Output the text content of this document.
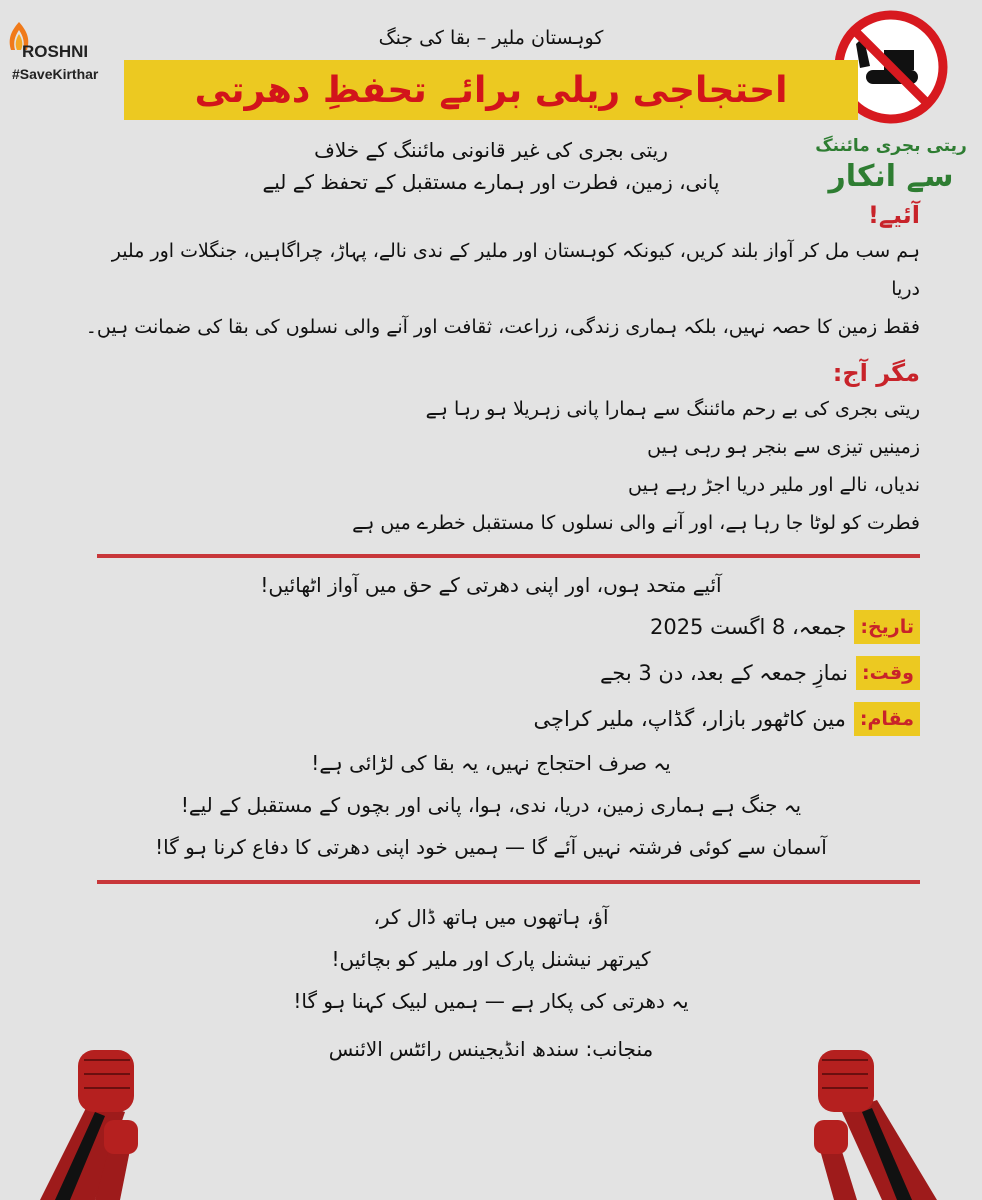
ROSHNI
#SaveKirthar
ریتی بجری مائننگ
سے انکار
کوہستان ملیر – بقا کی جنگ
احتجاجی ریلی برائے تحفظِ دھرتی
ریتی بجری کی غیر قانونی مائننگ کے خلاف
پانی، زمین، فطرت اور ہمارے مستقبل کے تحفظ کے لیے
آئیے!
ہم سب مل کر آواز بلند کریں، کیونکہ کوہستان اور ملیر کے ندی نالے، پہاڑ، چراگاہیں، جنگلات اور ملیر دریا
فقط زمین کا حصہ نہیں، بلکہ ہماری زندگی، زراعت، ثقافت اور آنے والی نسلوں کی بقا کی ضمانت ہیں۔
مگر آج:
ریتی بجری کی بے رحم مائننگ سے ہمارا پانی زہریلا ہو رہا ہے
زمینیں تیزی سے بنجر ہو رہی ہیں
ندیاں، نالے اور ملیر دریا اجڑ رہے ہیں
فطرت کو لوٹا جا رہا ہے، اور آنے والی نسلوں کا مستقبل خطرے میں ہے
آئیے متحد ہوں، اور اپنی دھرتی کے حق میں آواز اٹھائیں!
تاریخ:
جمعہ، 8 اگست 2025
وقت:
نمازِ جمعہ کے بعد، دن 3 بجے
مقام:
مین کاٹھور بازار، گڈاپ، ملیر کراچی
یہ صرف احتجاج نہیں، یہ بقا کی لڑائی ہے!
یہ جنگ ہے ہماری زمین، دریا، ندی، ہوا، پانی اور بچوں کے مستقبل کے لیے!
آسمان سے کوئی فرشتہ نہیں آئے گا — ہمیں خود اپنی دھرتی کا دفاع کرنا ہو گا!
آؤ، ہاتھوں میں ہاتھ ڈال کر،
کیرتھر نیشنل پارک اور ملیر کو بچائیں!
یہ دھرتی کی پکار ہے — ہمیں لبیک کہنا ہو گا!
منجانب: سندھ انڈیجینس رائٹس الائنس
